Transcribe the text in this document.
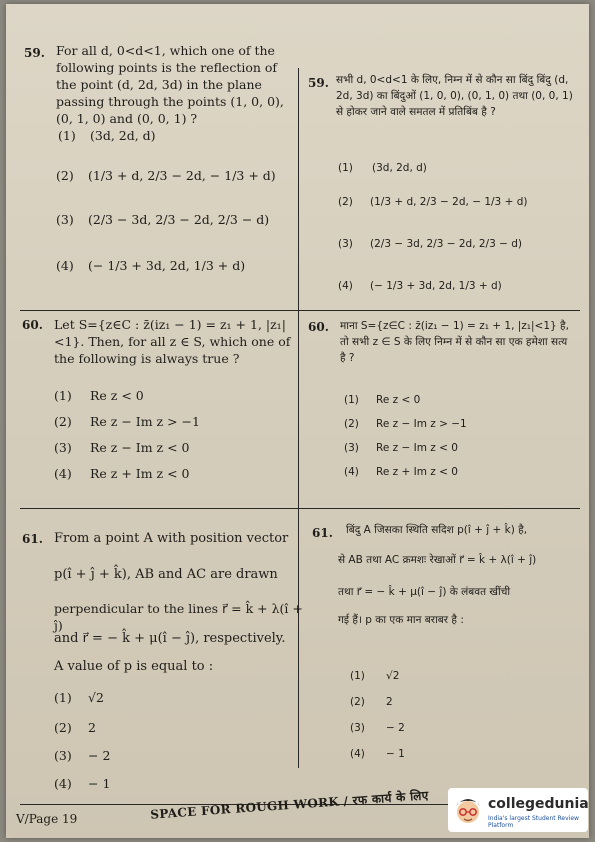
59. For all d, 0<d<1, which one of the following points is the reflection of the point (d, 2d, 3d) in the plane passing through the points (1, 0, 0), (0, 1, 0) and (0, 0, 1) ?
(1) (3d, 2d, d)
(2) (1/3 + d, 2/3 − 2d, − 1/3 + d)
(3) (2/3 − 3d, 2/3 − 2d, 2/3 − d)
(4) (− 1/3 + 3d, 2d, 1/3 + d)
59. सभी d, 0<d<1 के लिए, निम्न में से कौन सा बिंदु बिंदु (d, 2d, 3d) का बिंदुओं (1, 0, 0), (0, 1, 0) तथा (0, 0, 1) से होकर जाने वाले समतल में प्रतिबिंब है ?
(1) (3d, 2d, d)
(2) (1/3 + d, 2/3 − 2d, − 1/3 + d)
(3) (2/3 − 3d, 2/3 − 2d, 2/3 − d)
(4) (− 1/3 + 3d, 2d, 1/3 + d)
60. Let S={z∈C : z̄(iz₁ − 1) = z₁ + 1, |z₁|<1}. Then, for all z ∈ S, which one of the following is always true ?
(1) Re z < 0
(2) Re z − Im z > −1
(3) Re z − Im z < 0
(4) Re z + Im z < 0
60. माना S={z∈C : z̄(iz₁ − 1) = z₁ + 1, |z₁|<1} है, तो सभी z ∈ S के लिए निम्न में से कौन सा एक हमेशा सत्य है ?
(1) Re z < 0
(2) Re z − Im z > −1
(3) Re z − Im z < 0
(4) Re z + Im z < 0
61. From a point A with position vector
p(î + ĵ + k̂), AB and AC are drawn
perpendicular to the lines r⃗ = k̂ + λ(î + ĵ)
and r⃗ = − k̂ + μ(î − ĵ), respectively.
A value of p is equal to :
(1) √2
(2) 2
(3) − 2
(4) − 1
61. बिंदु A जिसका स्थिति सदिश p(î + ĵ + k̂) है,
से AB तथा AC क्रमशः रेखाओं r⃗ = k̂ + λ(î + ĵ)
तथा r⃗ = − k̂ + μ(î − ĵ) के लंबवत खींची
गई हैं। p का एक मान बराबर है :
(1) √2
(2) 2
(3) − 2
(4) − 1
V/Page 19	SPACE FOR ROUGH WORK / रफ कार्य के लिए	collegedunia
India's largest Student Review Platform
